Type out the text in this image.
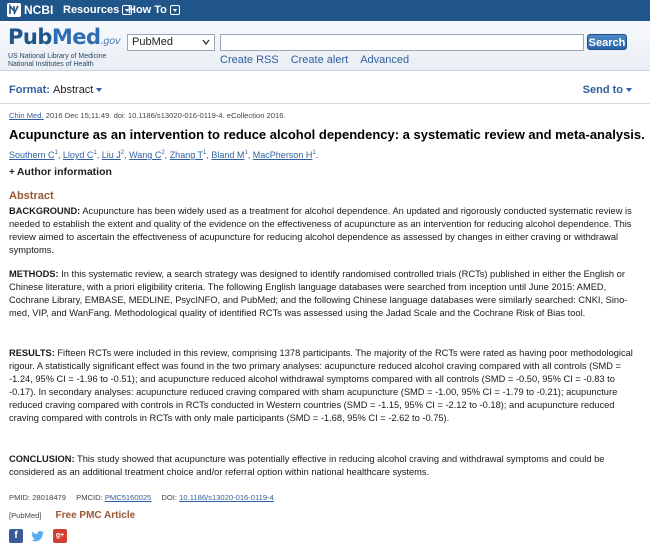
NCBI Resources How To
PubMed.gov
US National Library of Medicine
National Institutes of Health
PubMed	Search
Create RSS Create alert Advanced
Format: Abstract	Send to
Chin Med. 2016 Dec 15;11:49. doi: 10.1186/s13020-016-0119-4. eCollection 2016.
Acupuncture as an intervention to reduce alcohol dependency: a systematic review and meta-analysis.
Southern $C^1$, Lloyd $C^1$, Liu $J^2$, Wang $C^2$, Zhang $T^1$, Bland $M^1$, MacPherson $H^1$.
+ Author information
Abstract
BACKGROUND: Acupuncture has been widely used as a treatment for alcohol dependence. An updated and rigorously conducted systematic review is needed to establish the extent and quality of the evidence on the effectiveness of acupuncture as an intervention for reducing alcohol dependence. This review aimed to ascertain the effectiveness of acupuncture for reducing alcohol dependence as assessed by changes in either craving or withdrawal symptoms.
METHODS: In this systematic review, a search strategy was designed to identify randomised controlled trials (RCTs) published in either the English or Chinese literature, with a priori eligibility criteria. The following English language databases were searched from inception until June 2015: AMED, Cochrane Library, EMBASE, MEDLINE, PsycINFO, and PubMed; and the following Chinese language databases were similarly searched: CNKI, Sino-med, VIP, and WanFang. Methodological quality of identified RCTs was assessed using the Jadad Scale and the Cochrane Risk of Bias tool.
RESULTS: Fifteen RCTs were included in this review, comprising 1378 participants. The majority of the RCTs were rated as having poor methodological rigour. A statistically significant effect was found in the two primary analyses: acupuncture reduced alcohol craving compared with all controls (SMD = -1.24, 95% CI = -1.96 to -0.51); and acupuncture reduced alcohol withdrawal symptoms compared with all controls (SMD = -0.50, 95% CI = -0.83 to -0.17). In secondary analyses: acupuncture reduced craving compared with sham acupuncture (SMD = -1.00, 95% CI = -1.79 to -0.21); acupuncture reduced craving compared with controls in RCTs conducted in Western countries (SMD = -1.15, 95% CI = -2.12 to -0.18); and acupuncture reduced craving compared with controls in RCTs with only male participants (SMD = -1.68, 95% CI = -2.62 to -0.75).
CONCLUSION: This study showed that acupuncture was potentially effective in reducing alcohol craving and withdrawal symptoms and could be considered as an additional treatment choice and/or referral option within national healthcare systems.
PMID: 28018479 PMCID: PMC5160025 DOI: 10.1186/s13020-016-0119-4
[PubMed] Free PMC Article
f	g+
